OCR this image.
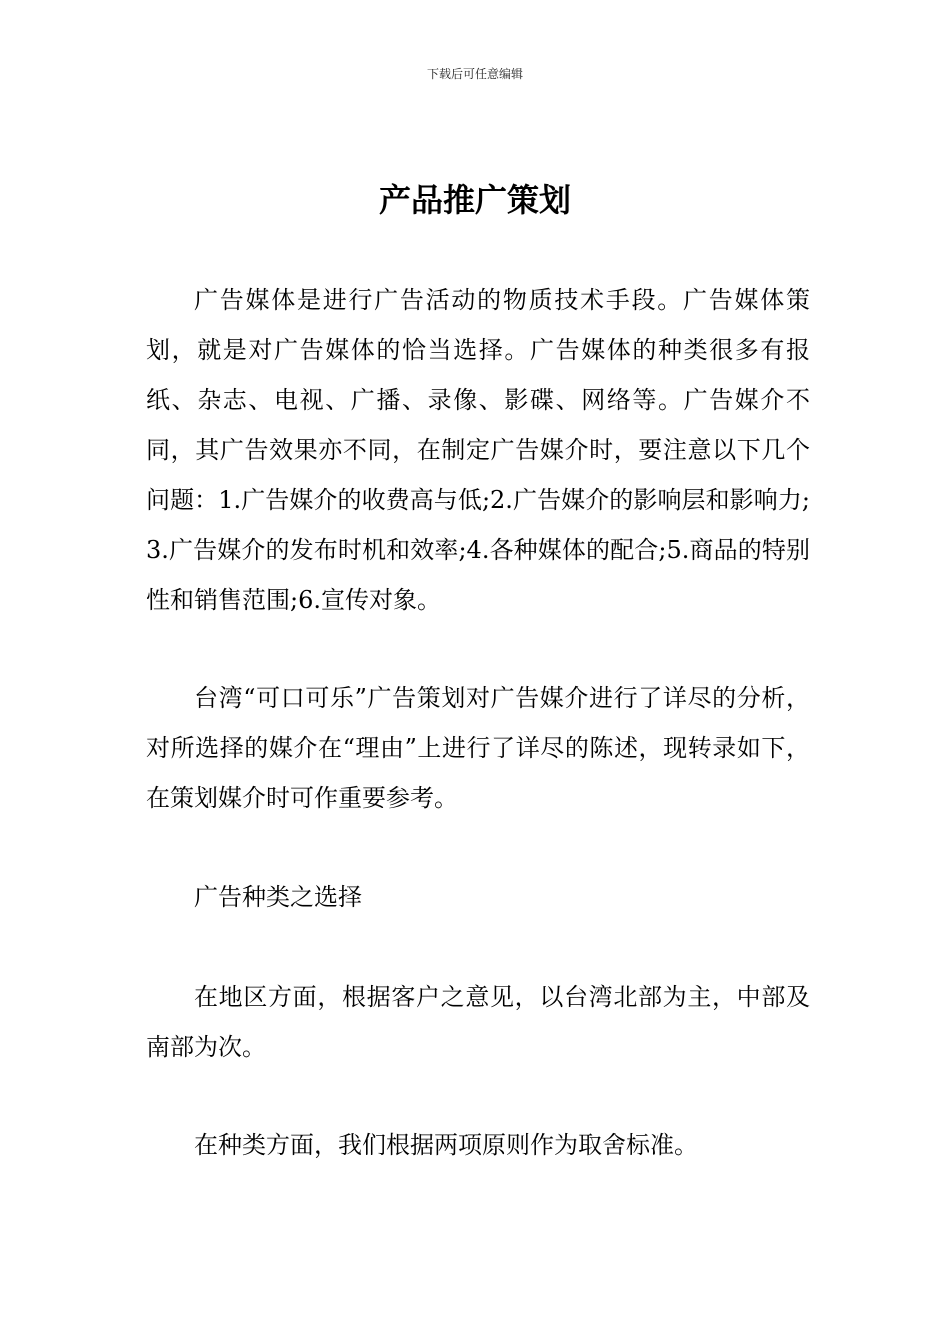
下载后可任意编辑
产品推广策划

广告媒体是进行广告活动的物质技术手段。广告媒体策划，就是对广告媒体的恰当选择。广告媒体的种类很多有报纸、杂志、电视、广播、录像、影碟、网络等。广告媒介不同，其广告效果亦不同，在制定广告媒介时，要注意以下几个问题：1.广告媒介的收费高与低;2.广告媒介的影响层和影响力;3.广告媒介的发布时机和效率;4.各种媒体的配合;5.商品的特别性和销售范围;6.宣传对象。

台湾“可口可乐”广告策划对广告媒介进行了详尽的分析，对所选择的媒介在“理由”上进行了详尽的陈述，现转录如下，在策划媒介时可作重要参考。

广告种类之选择

在地区方面，根据客户之意见，以台湾北部为主，中部及南部为次。

在种类方面，我们根据两项原则作为取舍标准。
